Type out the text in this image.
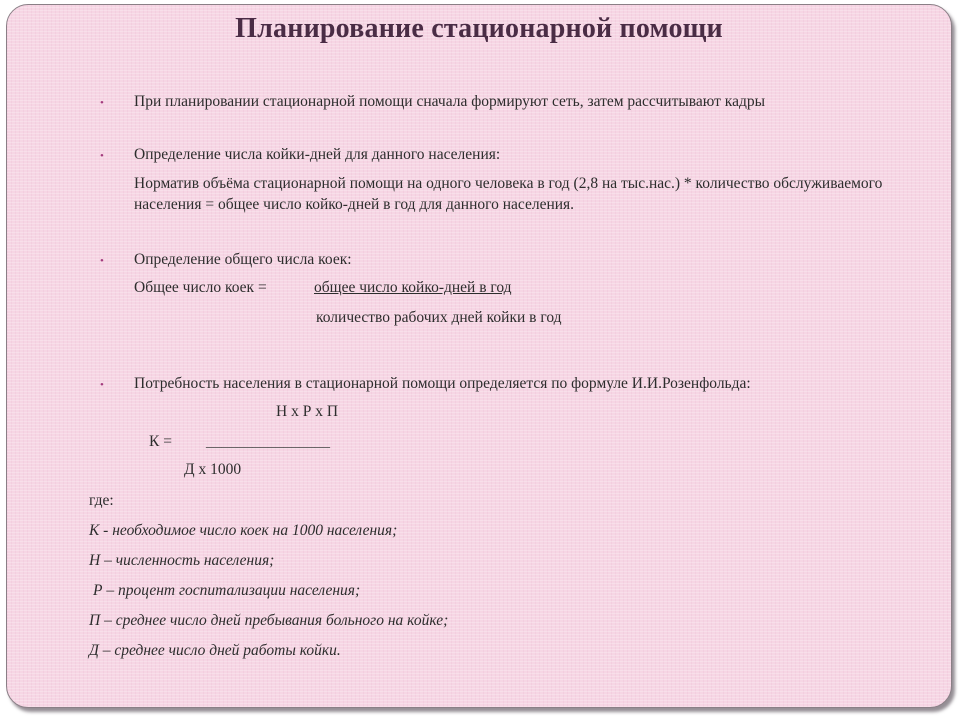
Планирование стационарной помощи
• При планировании стационарной помощи сначала формируют сеть, затем рассчитывают кадры
• Определение числа койки-дней для данного населения:
Норматив объёма стационарной помощи на одного человека в год (2,8 на тыс.нас.) * количество обслуживаемого населения = общее число койко-дней в год для данного населения.
• Определение общего числа коек:
Общее число коек =	общее число койко-дней в год
количество рабочих дней койки в год
• Потребность населения в стационарной помощи определяется по формуле И.И.Розенфольда:
Н х Р х П
К = ________________
Д х 1000
где:
К - необходимое число коек на 1000 населения;
Н – численность населения;
Р – процент госпитализации населения;
П – среднее число дней пребывания больного на койке;
Д – среднее число дней работы койки.
